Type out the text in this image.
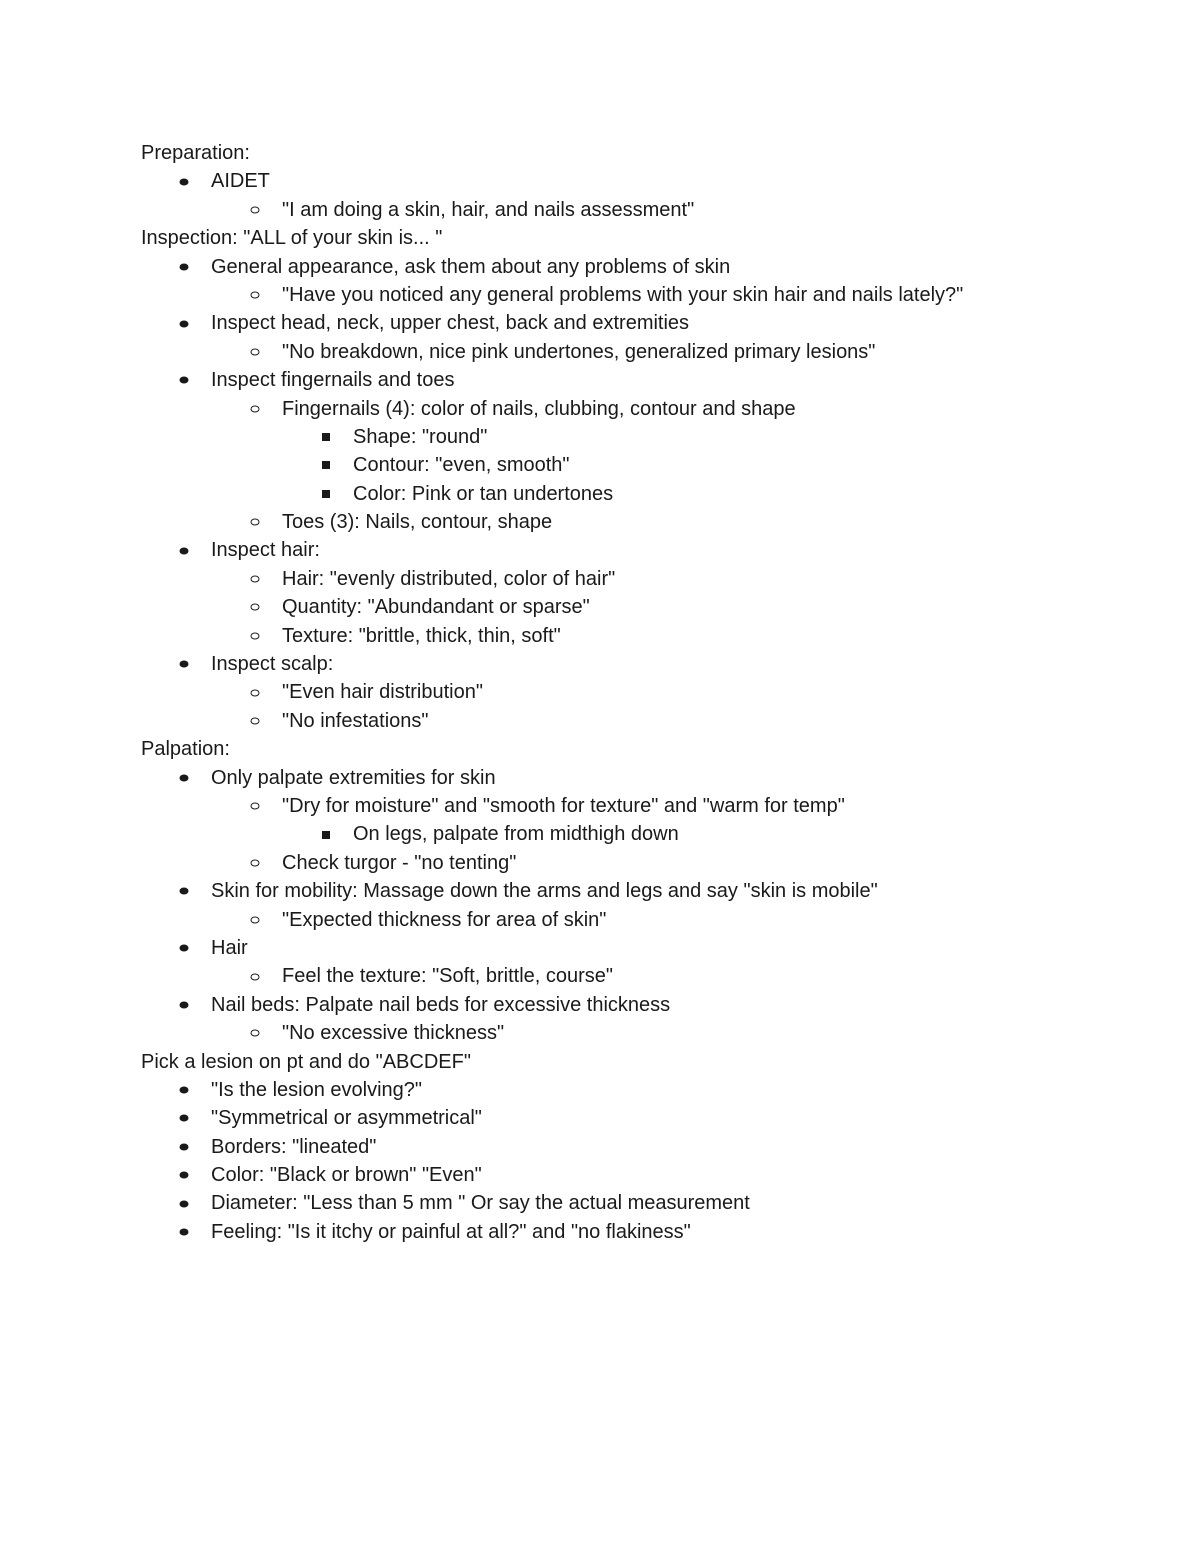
Preparation:
AIDET
"I am doing a skin, hair, and nails assessment"
Inspection: "ALL of your skin is... "
General appearance, ask them about any problems of skin
"Have you noticed any general problems with your skin hair and nails lately?"
Inspect head, neck, upper chest, back and extremities
"No breakdown, nice pink undertones, generalized primary lesions"
Inspect fingernails and toes
Fingernails (4): color of nails, clubbing, contour and shape
Shape: "round"
Contour: "even, smooth"
Color: Pink or tan undertones
Toes (3): Nails, contour, shape
Inspect hair:
Hair: "evenly distributed, color of hair"
Quantity: "Abundandant or sparse"
Texture: "brittle, thick, thin, soft"
Inspect scalp:
"Even hair distribution"
"No infestations"
Palpation:
Only palpate extremities for skin
"Dry for moisture" and "smooth for texture" and "warm for temp"
On legs, palpate from midthigh down
Check turgor - "no tenting"
Skin for mobility: Massage down the arms and legs and say "skin is mobile"
"Expected thickness for area of skin"
Hair
Feel the texture: "Soft, brittle, course"
Nail beds: Palpate nail beds for excessive thickness
"No excessive thickness"
Pick a lesion on pt and do "ABCDEF"
"Is the lesion evolving?"
"Symmetrical or asymmetrical"
Borders: "lineated"
Color: "Black or brown" "Even"
Diameter: "Less than 5 mm " Or say the actual measurement
Feeling: "Is it itchy or painful at all?" and "no flakiness"
